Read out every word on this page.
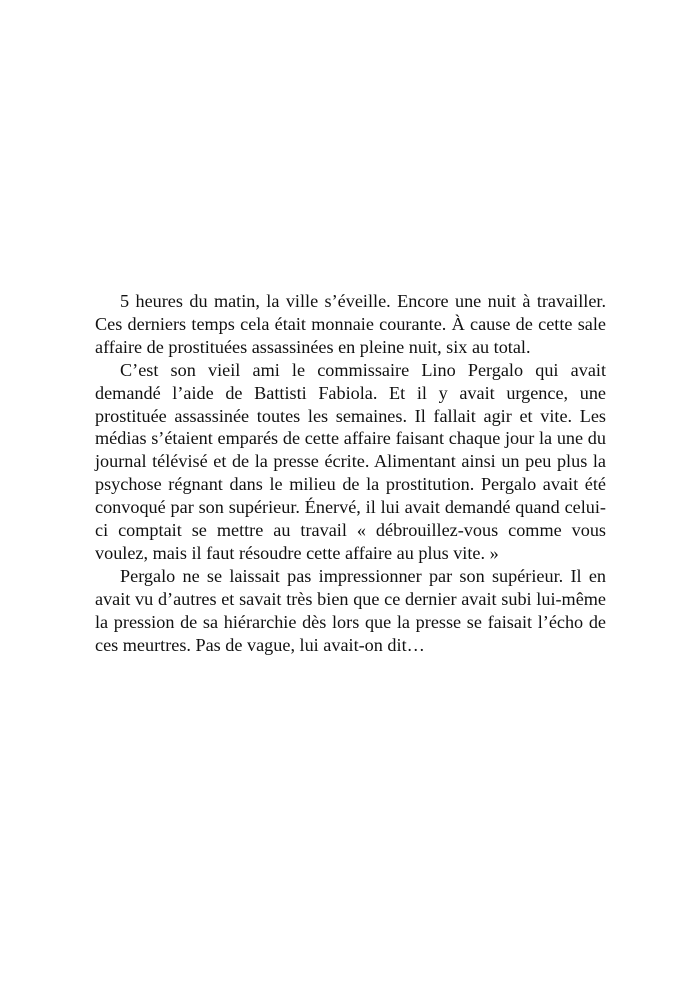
5 heures du matin, la ville s’éveille. Encore une nuit à travailler. Ces derniers temps cela était monnaie courante. À cause de cette sale affaire de prostituées assassinées en pleine nuit, six au total.

C’est son vieil ami le commissaire Lino Pergalo qui avait demandé l’aide de Battisti Fabiola. Et il y avait urgence, une prostituée assassinée toutes les semaines. Il fallait agir et vite. Les médias s’étaient emparés de cette affaire faisant chaque jour la une du journal télévisé et de la presse écrite. Alimentant ainsi un peu plus la psychose régnant dans le milieu de la prostitution. Pergalo avait été convoqué par son supérieur. Énervé, il lui avait demandé quand celui-ci comptait se mettre au travail « débrouillez-vous comme vous voulez, mais il faut résoudre cette affaire au plus vite. »

Pergalo ne se laissait pas impressionner par son supérieur. Il en avait vu d’autres et savait très bien que ce dernier avait subi lui-même la pression de sa hiérarchie dès lors que la presse se faisait l’écho de ces meurtres. Pas de vague, lui avait-on dit…
